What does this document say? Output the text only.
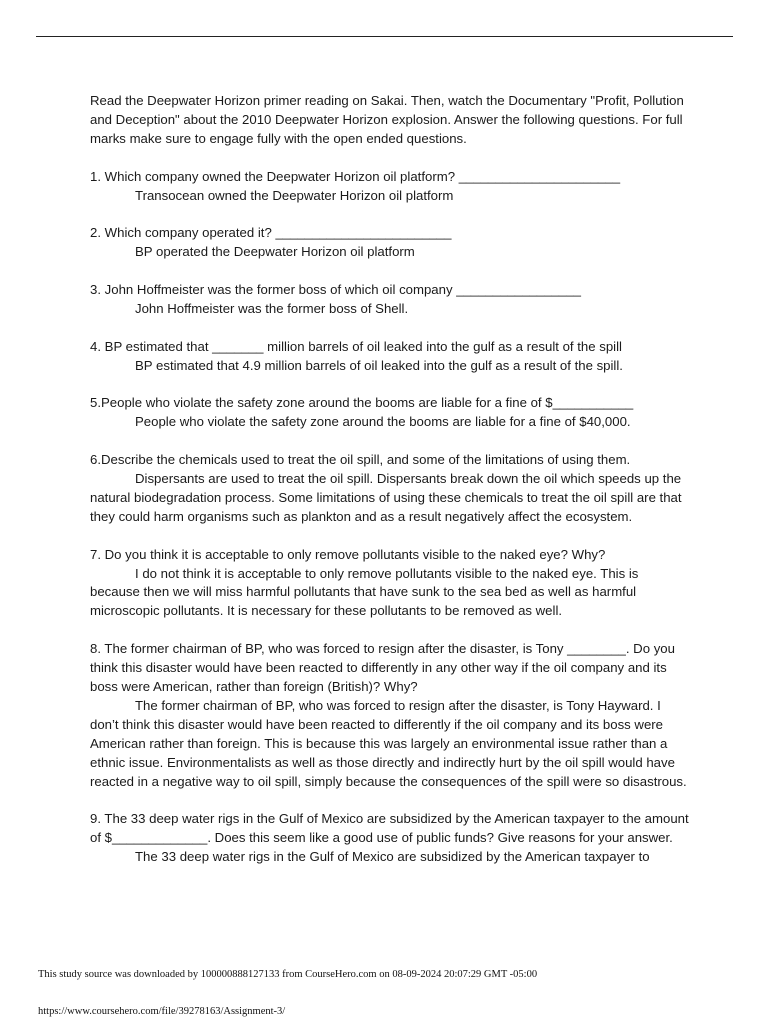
Read the Deepwater Horizon primer reading on Sakai. Then, watch the Documentary "Profit, Pollution and Deception" about the 2010 Deepwater Horizon explosion. Answer the following questions. For full marks make sure to engage fully with the open ended questions.

1. Which company owned the Deepwater Horizon oil platform? ______________________

Transocean owned the Deepwater Horizon oil platform

2. Which company operated it? ________________________

BP operated the Deepwater Horizon oil platform

3. John Hoffmeister was the former boss of which oil company _________________

John Hoffmeister was the former boss of Shell.

4. BP estimated that _______ million barrels of oil leaked into the gulf as a result of the spill

BP estimated that 4.9 million barrels of oil leaked into the gulf as a result of the spill.

5.People who violate the safety zone around the booms are liable for a fine of $___________

People who violate the safety zone around the booms are liable for a fine of $40,000.

6.Describe the chemicals used to treat the oil spill, and some of the limitations of using them.

Dispersants are used to treat the oil spill. Dispersants break down the oil which speeds up the natural biodegradation process. Some limitations of using these chemicals to treat the oil spill are that they could harm organisms such as plankton and as a result negatively affect the ecosystem.

7. Do you think it is acceptable to only remove pollutants visible to the naked eye? Why?

I do not think it is acceptable to only remove pollutants visible to the naked eye. This is because then we will miss harmful pollutants that have sunk to the sea bed as well as harmful microscopic pollutants. It is necessary for these pollutants to be removed as well.

8. The former chairman of BP, who was forced to resign after the disaster, is Tony ________. Do you think this disaster would have been reacted to differently in any other way if the oil company and its boss were American, rather than foreign (British)? Why?

The former chairman of BP, who was forced to resign after the disaster, is Tony Hayward. I don’t think this disaster would have been reacted to differently if the oil company and its boss were American rather than foreign. This is because this was largely an environmental issue rather than a ethnic issue. Environmentalists as well as those directly and indirectly hurt by the oil spill would have reacted in a negative way to oil spill, simply because the consequences of the spill were so disastrous.

9. The 33 deep water rigs in the Gulf of Mexico are subsidized by the American taxpayer to the amount of $_____________. Does this seem like a good use of public funds? Give reasons for your answer.

The 33 deep water rigs in the Gulf of Mexico are subsidized by the American taxpayer to

This study source was downloaded by 100000888127133 from CourseHero.com on 08-09-2024 20:07:29 GMT -05:00
https://www.coursehero.com/file/39278163/Assignment-3/
